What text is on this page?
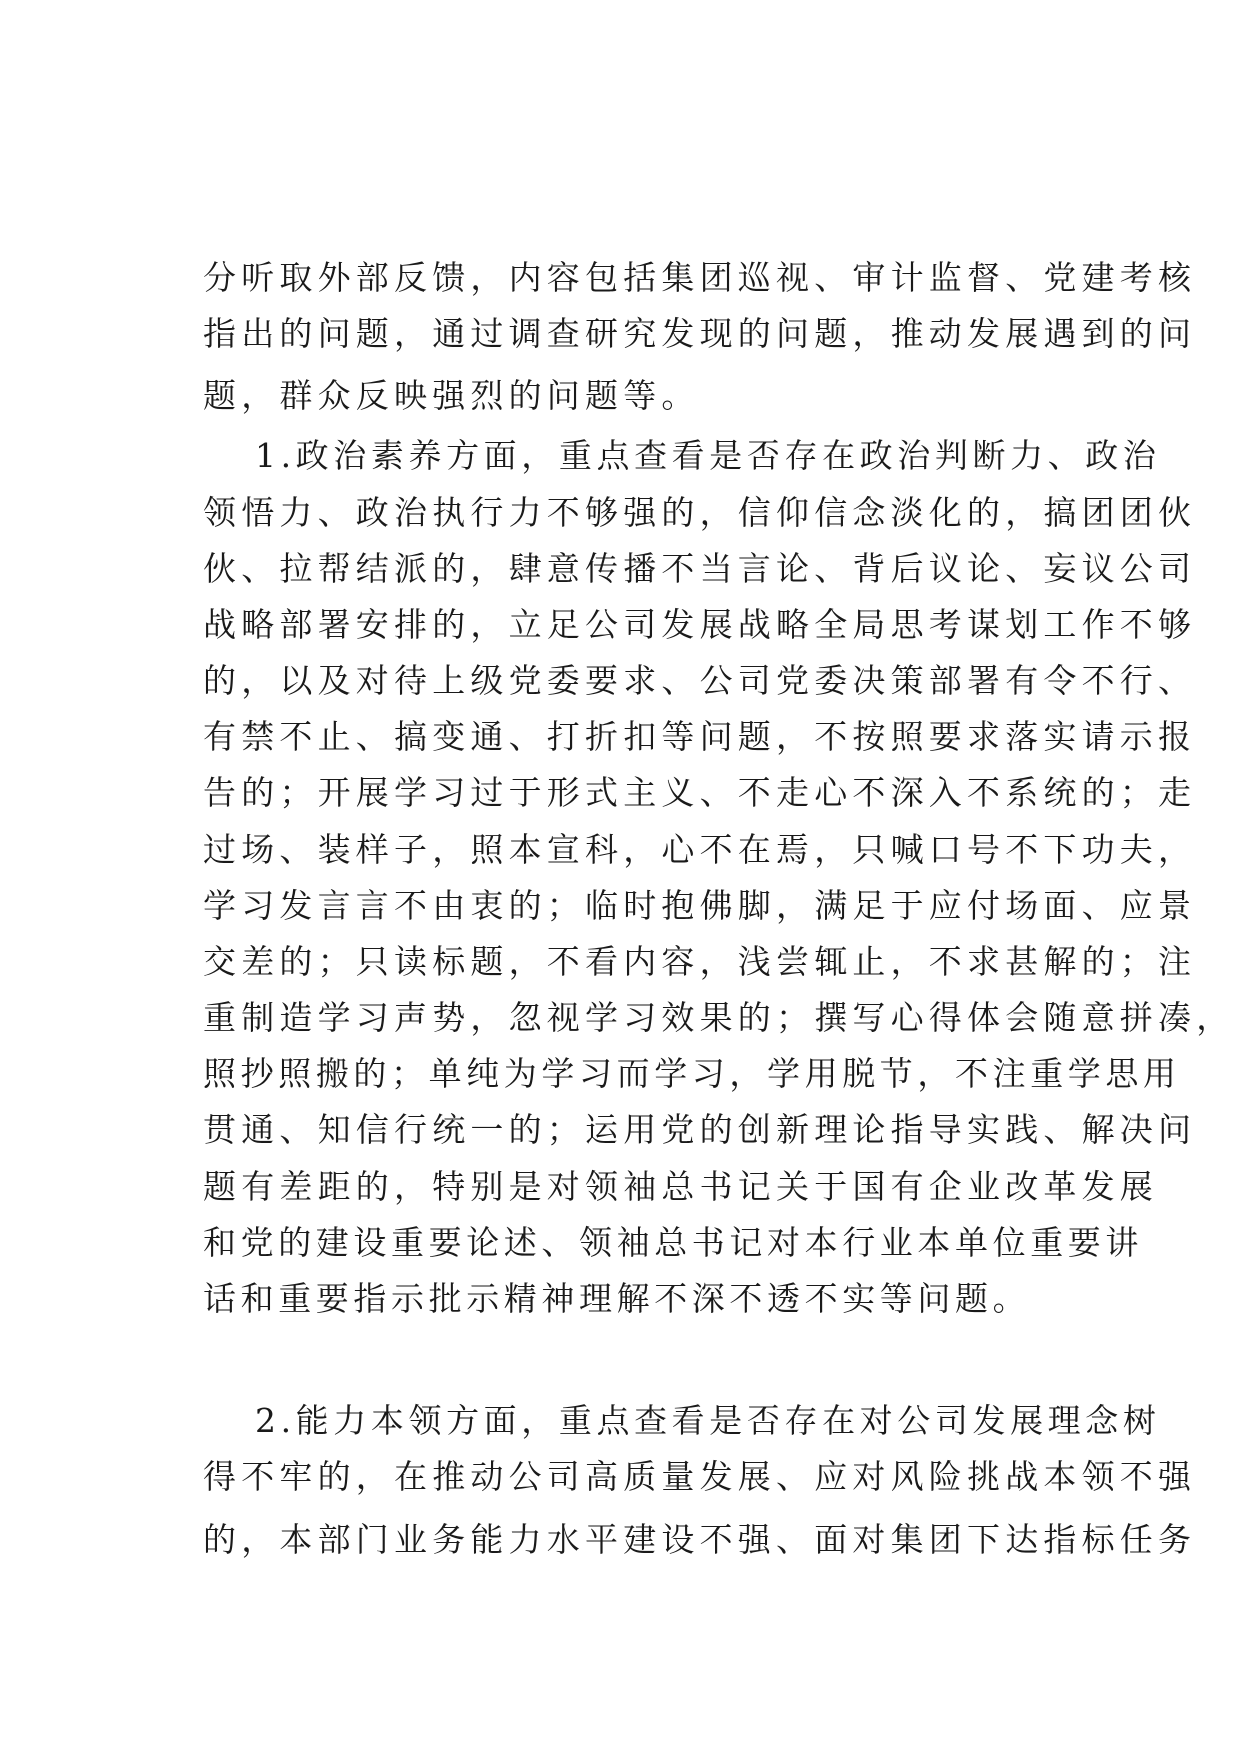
分听取外部反馈，内容包括集团巡视、审计监督、党建考核
指出的问题，通过调查研究发现的问题，推动发展遇到的问
题，群众反映强烈的问题等。
1.政治素养方面，重点查看是否存在政治判断力、政治
领悟力、政治执行力不够强的，信仰信念淡化的，搞团团伙
伙、拉帮结派的，肆意传播不当言论、背后议论、妄议公司
战略部署安排的，立足公司发展战略全局思考谋划工作不够
的，以及对待上级党委要求、公司党委决策部署有令不行、
有禁不止、搞变通、打折扣等问题，不按照要求落实请示报
告的；开展学习过于形式主义、不走心不深入不系统的；走
过场、装样子，照本宣科，心不在焉，只喊口号不下功夫，
学习发言言不由衷的；临时抱佛脚，满足于应付场面、应景
交差的；只读标题，不看内容，浅尝辄止，不求甚解的；注
重制造学习声势，忽视学习效果的；撰写心得体会随意拼凑，
照抄照搬的；单纯为学习而学习，学用脱节，不注重学思用
贯通、知信行统一的；运用党的创新理论指导实践、解决问
题有差距的，特别是对领袖总书记关于国有企业改革发展
和党的建设重要论述、领袖总书记对本行业本单位重要讲
话和重要指示批示精神理解不深不透不实等问题。
2.能力本领方面，重点查看是否存在对公司发展理念树
得不牢的，在推动公司高质量发展、应对风险挑战本领不强
的，本部门业务能力水平建设不强、面对集团下达指标任务
